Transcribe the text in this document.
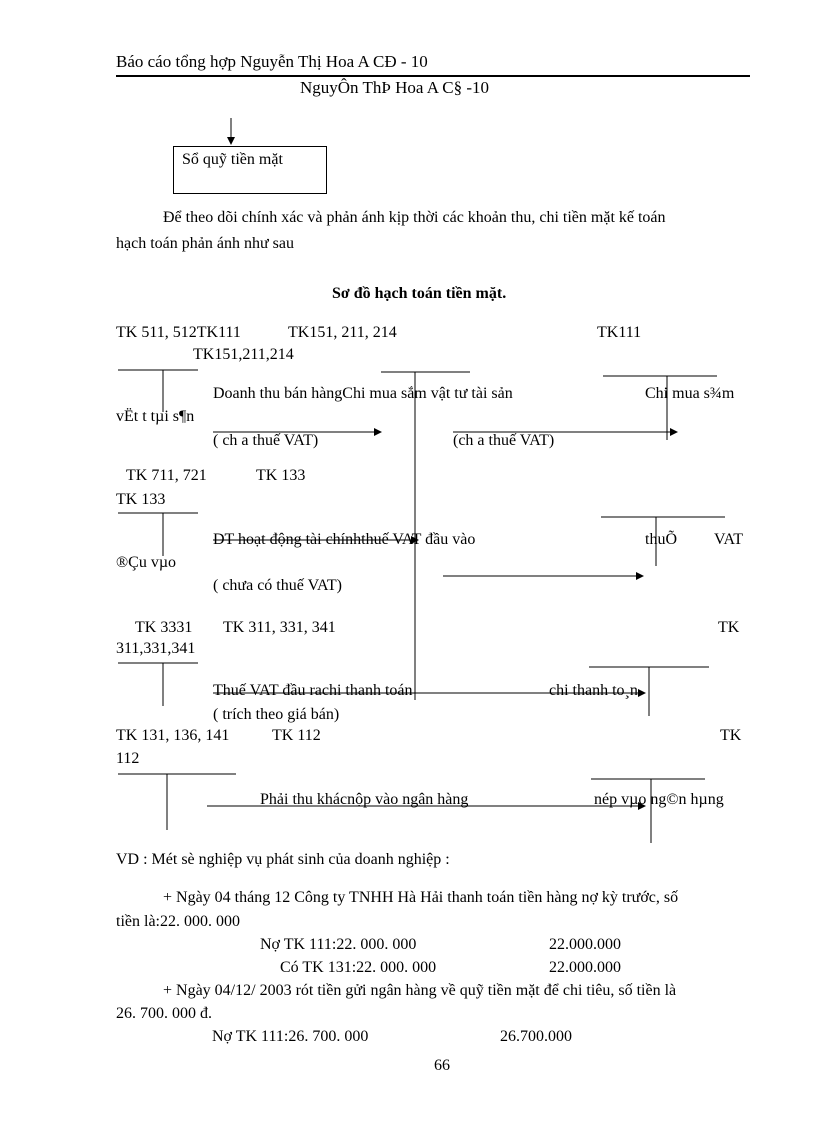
Báo cáo tổng hợp Nguyễn Thị Hoa A CĐ - 10
NguyÔn ThÞ Hoa A C§ -10
Sổ quỹ tiền mặt
Để theo dõi chính xác và phản ánh kịp thời các khoản thu, chi tiền mặt kế toán
hạch toán phản ánh như sau
Sơ đồ hạch toán tiền mặt.
TK 511, 512TK111	TK151, 211, 214	TK111
TK151,211,214
Doanh thu bán hàngChi mua sắm vật tư tài sản	Chi mua s¾m
vËt t tµi s¶n
( ch a thuế VAT)	(ch a thuế VAT)
TK 711, 721	TK 133
TK 133
DT hoạt động tài chínhthuế VAT đầu vào	thuÕ VAT
®Çu vµo
( chưa có thuế VAT)
TK 3331 TK 311, 331, 341	TK
311,331,341
Thuế VAT đầu rachi thanh toán	chi thanh to¸n
( trích theo giá bán)
TK 131, 136, 141	TK 112	TK
112
Phải thu khácnộp vào ngân hàng	nép vµo ng©n hµng
VD : Mét sè nghiệp vụ phát sinh của doanh nghiệp :
+ Ngày 04 tháng 12 Công ty TNHH Hà Hải thanh toán tiền hàng nợ kỳ trước, số
tiền là:22. 000. 000
Nợ TK 111:22. 000. 000	22.000.000
Có TK 131:22. 000. 000	22.000.000
+ Ngày 04/12/ 2003 rót tiền gửi ngân hàng về quỹ tiền mặt để chi tiêu, số tiền là
26. 700. 000 đ.
Nợ TK 111:26. 700. 000	26.700.000
66
